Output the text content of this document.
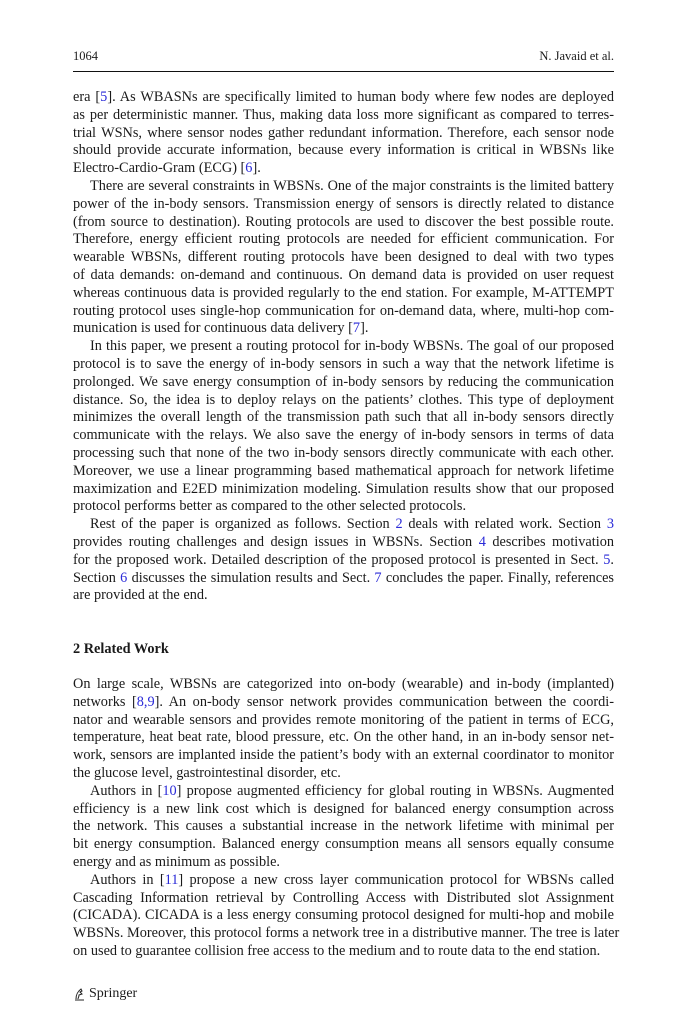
1064	N. Javaid et al.
era [5]. As WBASNs are specifically limited to human body where few nodes are deployed
as per deterministic manner. Thus, making data loss more significant as compared to terres-
trial WSNs, where sensor nodes gather redundant information. Therefore, each sensor node
should provide accurate information, because every information is critical in WBSNs like
Electro-Cardio-Gram (ECG) [6].
There are several constraints in WBSNs. One of the major constraints is the limited battery
power of the in-body sensors. Transmission energy of sensors is directly related to distance
(from source to destination). Routing protocols are used to discover the best possible route.
Therefore, energy efficient routing protocols are needed for efficient communication. For
wearable WBSNs, different routing protocols have been designed to deal with two types
of data demands: on-demand and continuous. On demand data is provided on user request
whereas continuous data is provided regularly to the end station. For example, M-ATTEMPT
routing protocol uses single-hop communication for on-demand data, where, multi-hop com-
munication is used for continuous data delivery [7].
In this paper, we present a routing protocol for in-body WBSNs. The goal of our proposed
protocol is to save the energy of in-body sensors in such a way that the network lifetime is
prolonged. We save energy consumption of in-body sensors by reducing the communication
distance. So, the idea is to deploy relays on the patients’ clothes. This type of deployment
minimizes the overall length of the transmission path such that all in-body sensors directly
communicate with the relays. We also save the energy of in-body sensors in terms of data
processing such that none of the two in-body sensors directly communicate with each other.
Moreover, we use a linear programming based mathematical approach for network lifetime
maximization and E2ED minimization modeling. Simulation results show that our proposed
protocol performs better as compared to the other selected protocols.
Rest of the paper is organized as follows. Section 2 deals with related work. Section 3
provides routing challenges and design issues in WBSNs. Section 4 describes motivation
for the proposed work. Detailed description of the proposed protocol is presented in Sect. 5.
Section 6 discusses the simulation results and Sect. 7 concludes the paper. Finally, references
are provided at the end.
2 Related Work
On large scale, WBSNs are categorized into on-body (wearable) and in-body (implanted)
networks [8,9]. An on-body sensor network provides communication between the coordi-
nator and wearable sensors and provides remote monitoring of the patient in terms of ECG,
temperature, heat beat rate, blood pressure, etc. On the other hand, in an in-body sensor net-
work, sensors are implanted inside the patient’s body with an external coordinator to monitor
the glucose level, gastrointestinal disorder, etc.
Authors in [10] propose augmented efficiency for global routing in WBSNs. Augmented
efficiency is a new link cost which is designed for balanced energy consumption across
the network. This causes a substantial increase in the network lifetime with minimal per
bit energy consumption. Balanced energy consumption means all sensors equally consume
energy and as minimum as possible.
Authors in [11] propose a new cross layer communication protocol for WBSNs called
Cascading Information retrieval by Controlling Access with Distributed slot Assignment
(CICADA). CICADA is a less energy consuming protocol designed for multi-hop and mobile
WBSNs. Moreover, this protocol forms a network tree in a distributive manner. The tree is later
on used to guarantee collision free access to the medium and to route data to the end station.
Springer
